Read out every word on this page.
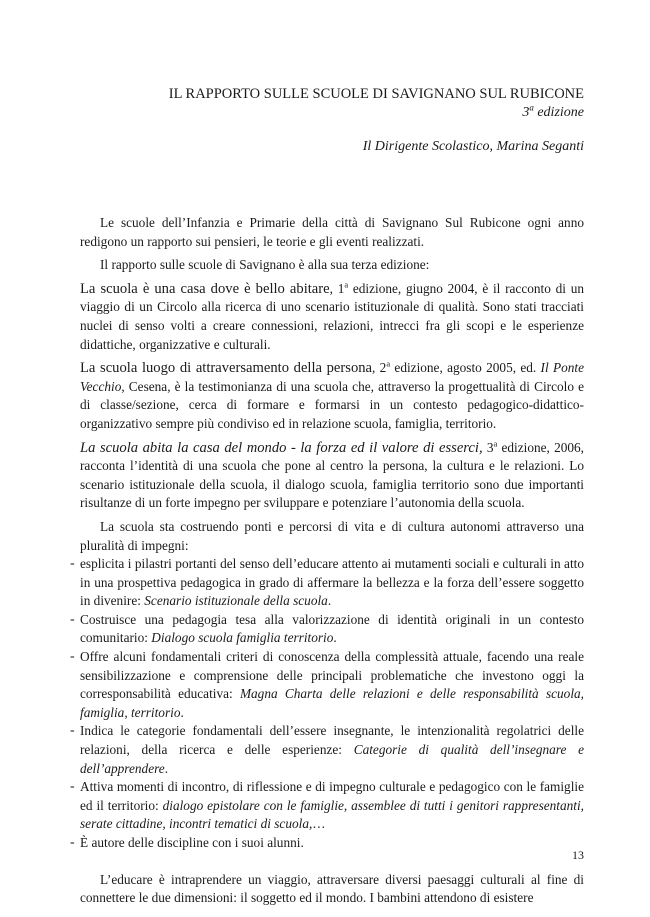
IL RAPPORTO SULLE SCUOLE DI SAVIGNANO SUL RUBICONE
3$^a$ edizione
Il Dirigente Scolastico, Marina Seganti

Le scuole dell’Infanzia e Primarie della città di Savignano Sul Rubicone ogni anno redigono un rapporto sui pensieri, le teorie e gli eventi realizzati.

Il rapporto sulle scuole di Savignano è alla sua terza edizione:

La scuola è una casa dove è bello abitare, 1$^a$ edizione, giugno 2004, è il racconto di un viaggio di un Circolo alla ricerca di uno scenario istituzionale di qualità. Sono stati tracciati nuclei di senso volti a creare connessioni, relazioni, intrecci fra gli scopi e le esperienze didattiche, organizzative e culturali.

La scuola luogo di attraversamento della persona, 2$^a$ edizione, agosto 2005, ed. Il Ponte Vecchio, Cesena, è la testimonianza di una scuola che, attraverso la progettualità di Circolo e di classe/sezione, cerca di formare e formarsi in un contesto pedagogico-didattico-organizzativo sempre più condiviso ed in relazione scuola, famiglia, territorio.

La scuola abita la casa del mondo - la forza ed il valore di esserci, 3$^a$ edizione, 2006, racconta l’identità di una scuola che pone al centro la persona, la cultura e le relazioni. Lo scenario istituzionale della scuola, il dialogo scuola, famiglia territorio sono due importanti risultanze di un forte impegno per sviluppare e potenziare l’autonomia della scuola.

La scuola sta costruendo ponti e percorsi di vita e di cultura autonomi attraverso una pluralità di impegni:

- esplicita i pilastri portanti del senso dell’educare attento ai mutamenti sociali e culturali in atto in una prospettiva pedagogica in grado di affermare la bellezza e la forza dell’essere soggetto in divenire: Scenario istituzionale della scuola.
- Costruisce una pedagogia tesa alla valorizzazione di identità originali in un contesto comunitario: Dialogo scuola famiglia territorio.
- Offre alcuni fondamentali criteri di conoscenza della complessità attuale, facendo una reale sensibilizzazione e comprensione delle principali problematiche che investono oggi la corresponsabilità educativa: Magna Charta delle relazioni e delle responsabilità scuola, famiglia, territorio.
- Indica le categorie fondamentali dell’essere insegnante, le intenzionalità regolatrici delle relazioni, della ricerca e delle esperienze: Categorie di qualità dell’insegnare e dell’apprendere.
- Attiva momenti di incontro, di riflessione e di impegno culturale e pedagogico con le famiglie ed il territorio: dialogo epistolare con le famiglie, assemblee di tutti i genitori rappresentanti, serate cittadine, incontri tematici di scuola,…
- È autore delle discipline con i suoi alunni.

L’educare è intraprendere un viaggio, attraversare diversi paesaggi culturali al fine di connettere le due dimensioni: il soggetto ed il mondo. I bambini attendono di esistere

13
